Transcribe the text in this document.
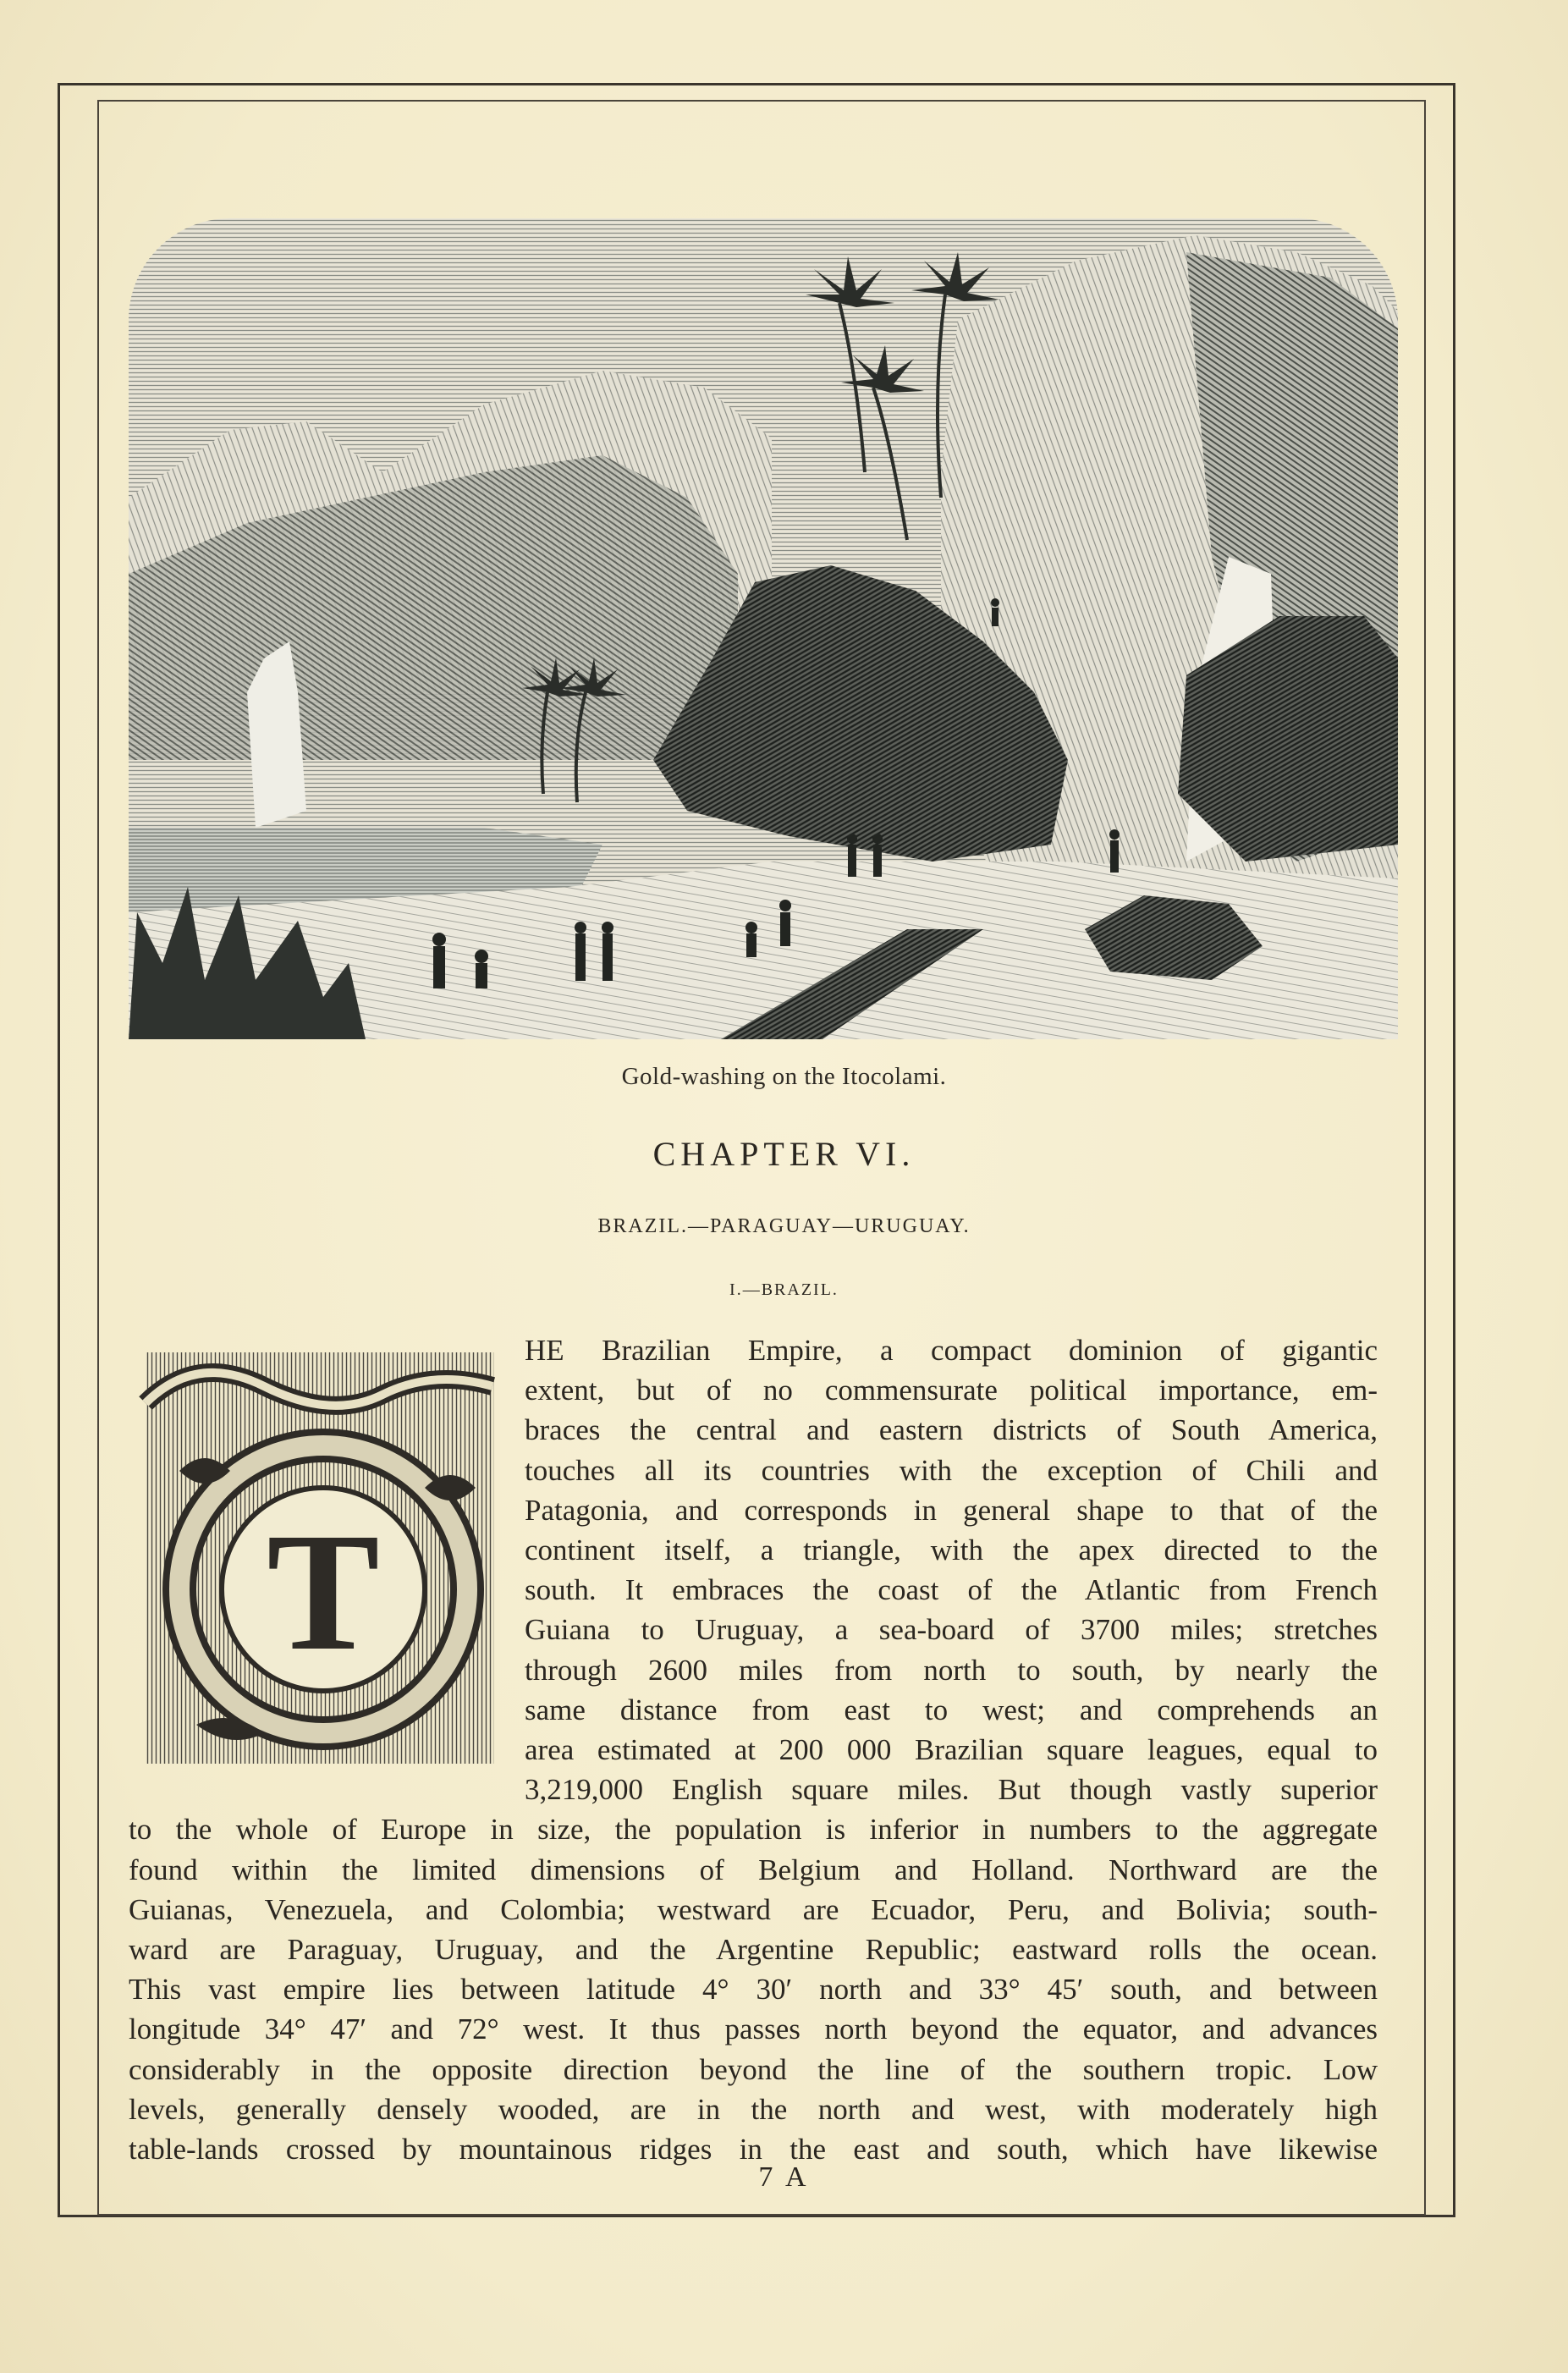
Gold-washing on the Itocolami.
CHAPTER VI.
BRAZIL.—PARAGUAY—URUGUAY.
I.—BRAZIL.
T
HE Brazilian Empire, a compact dominion of gigantic
extent, but of no commensurate political importance, em-
braces the central and eastern districts of South America,
touches all its countries with the exception of Chili and
Patagonia, and corresponds in general shape to that of the
continent itself, a triangle, with the apex directed to the
south. It embraces the coast of the Atlantic from French
Guiana to Uruguay, a sea-board of 3700 miles; stretches
through 2600 miles from north to south, by nearly the
same distance from east to west; and comprehends an
area estimated at 200 000 Brazilian square leagues, equal to
3,219,000 English square miles. But though vastly superior
to the whole of Europe in size, the population is inferior in numbers to the aggregate
found within the limited dimensions of Belgium and Holland. Northward are the
Guianas, Venezuela, and Colombia; westward are Ecuador, Peru, and Bolivia; south-
ward are Paraguay, Uruguay, and the Argentine Republic; eastward rolls the ocean.
This vast empire lies between latitude 4° 30′ north and 33° 45′ south, and between
longitude 34° 47′ and 72° west. It thus passes north beyond the equator, and advances
considerably in the opposite direction beyond the line of the southern tropic. Low
levels, generally densely wooded, are in the north and west, with moderately high
table-lands crossed by mountainous ridges in the east and south, which have likewise
7 A
